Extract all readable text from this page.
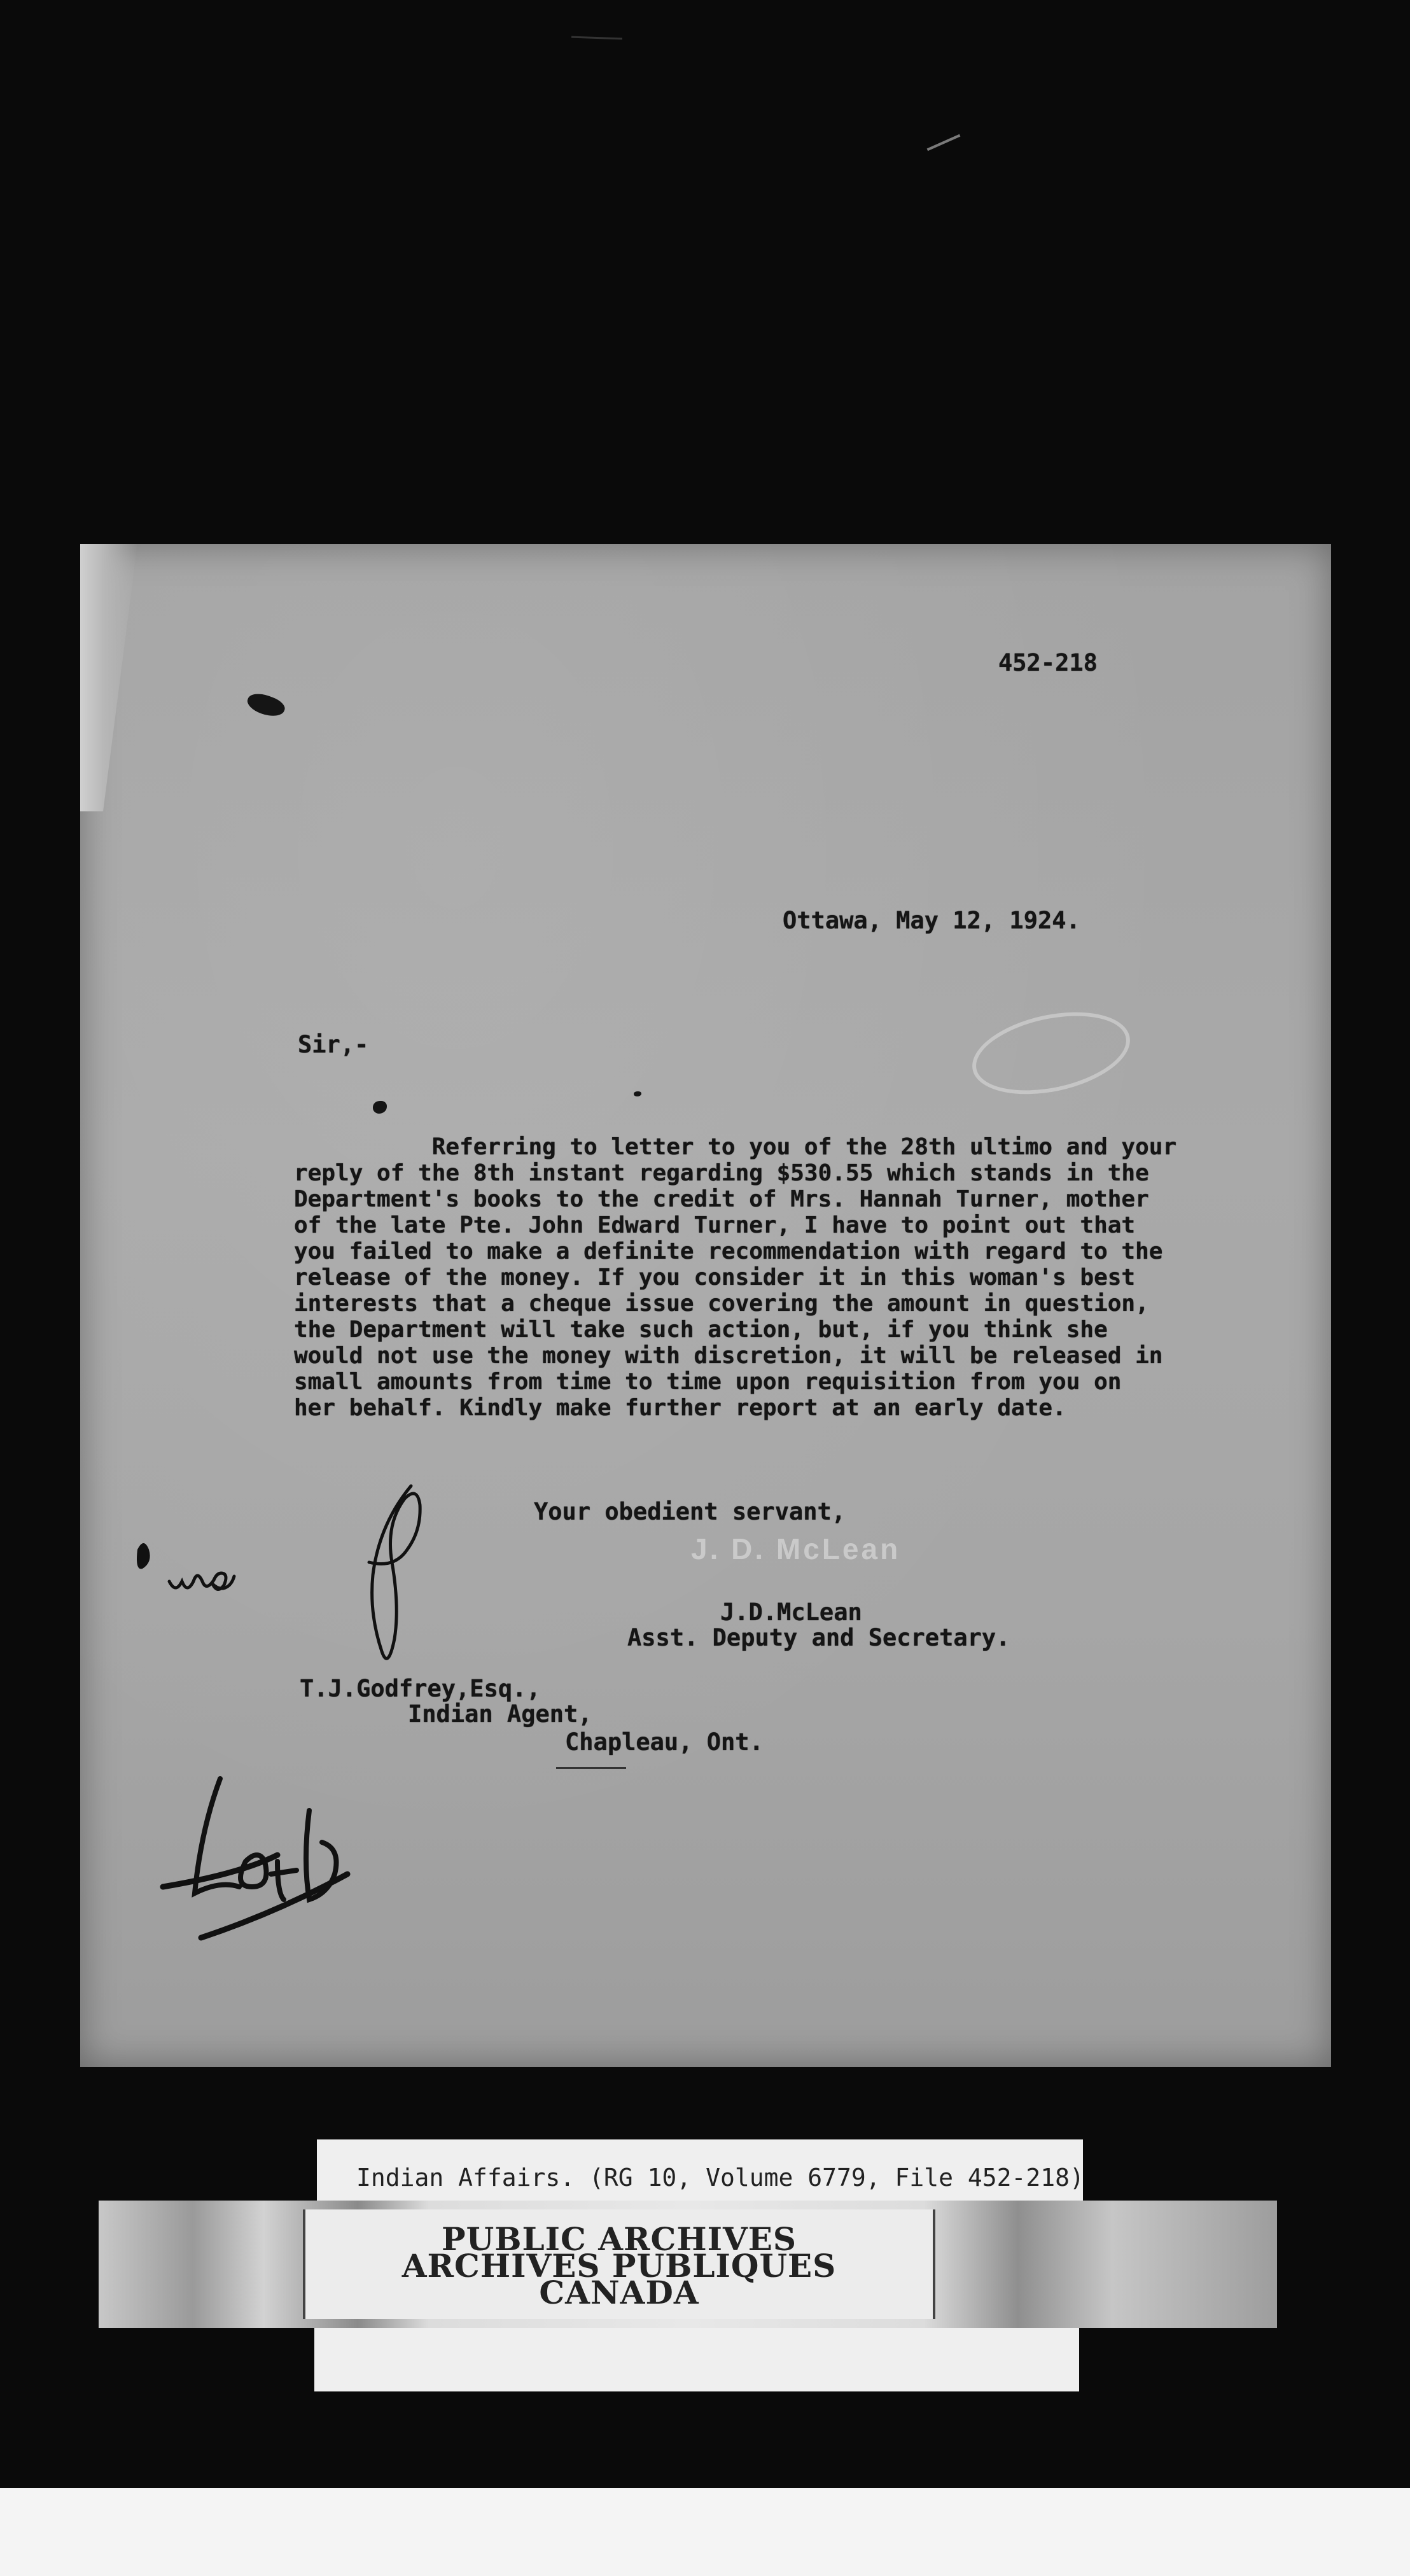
452-218
Ottawa, May 12, 1924.
Sir,-
Referring to letter to you of the 28th ultimo and your
reply of the 8th instant regarding $530.55 which stands in the
Department's books to the credit of Mrs. Hannah Turner, mother
of the late Pte. John Edward Turner, I have to point out that
you failed to make a definite recommendation with regard to the
release of the money. If you consider it in this woman's best
interests that a cheque issue covering the amount in question,
the Department will take such action, but, if you think she
would not use the money with discretion, it will be released in
small amounts from time to time upon requisition from you on
her behalf. Kindly make further report at an early date.
Your obedient servant,
J. D. McLean
J.D.McLean
Asst. Deputy and Secretary.
T.J.Godfrey,Esq.,
Indian Agent,
Chapleau, Ont.
Indian Affairs. (RG 10, Volume 6779, File 452-218)
PUBLIC ARCHIVES
ARCHIVES PUBLIQUES
CANADA
